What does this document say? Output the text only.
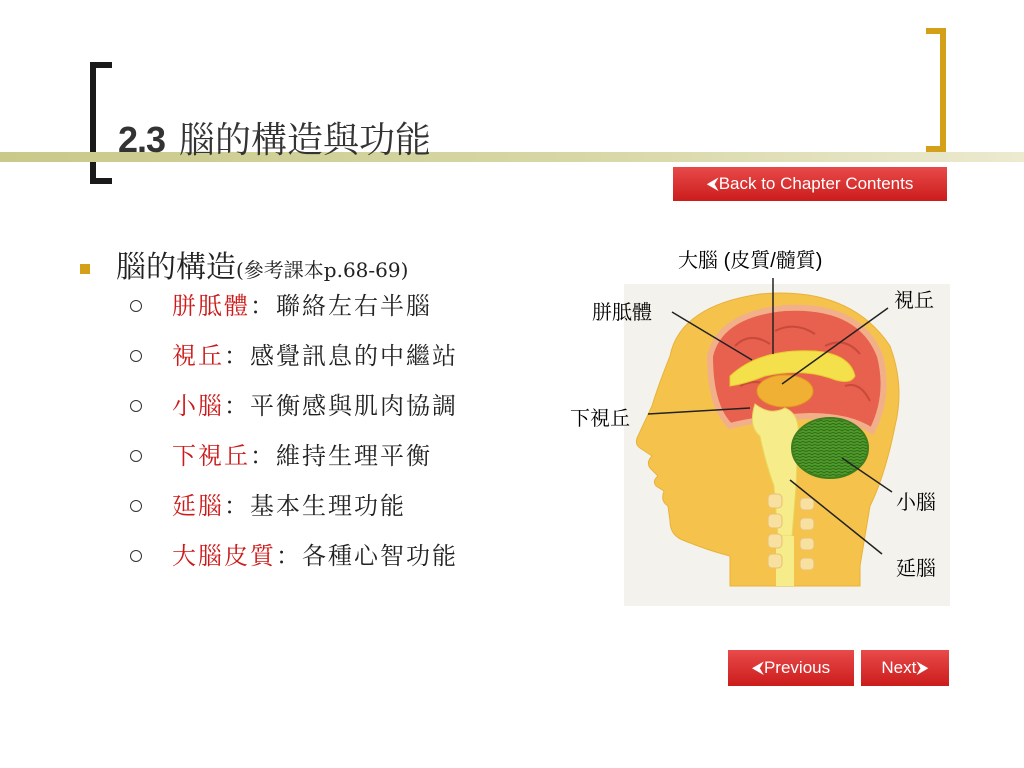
2.3 腦的構造與功能
⮜Back to Chapter Contents
腦的構造(參考課本p.68-69)
胼胝體：聯絡左右半腦
視丘：感覺訊息的中繼站
小腦：平衡感與肌肉協調
下視丘：維持生理平衡
延腦：基本生理功能
大腦皮質：各種心智功能
大腦 (皮質/髓質)
視丘
胼胝體
下視丘
小腦
延腦
⮜Previous	Next⮞
